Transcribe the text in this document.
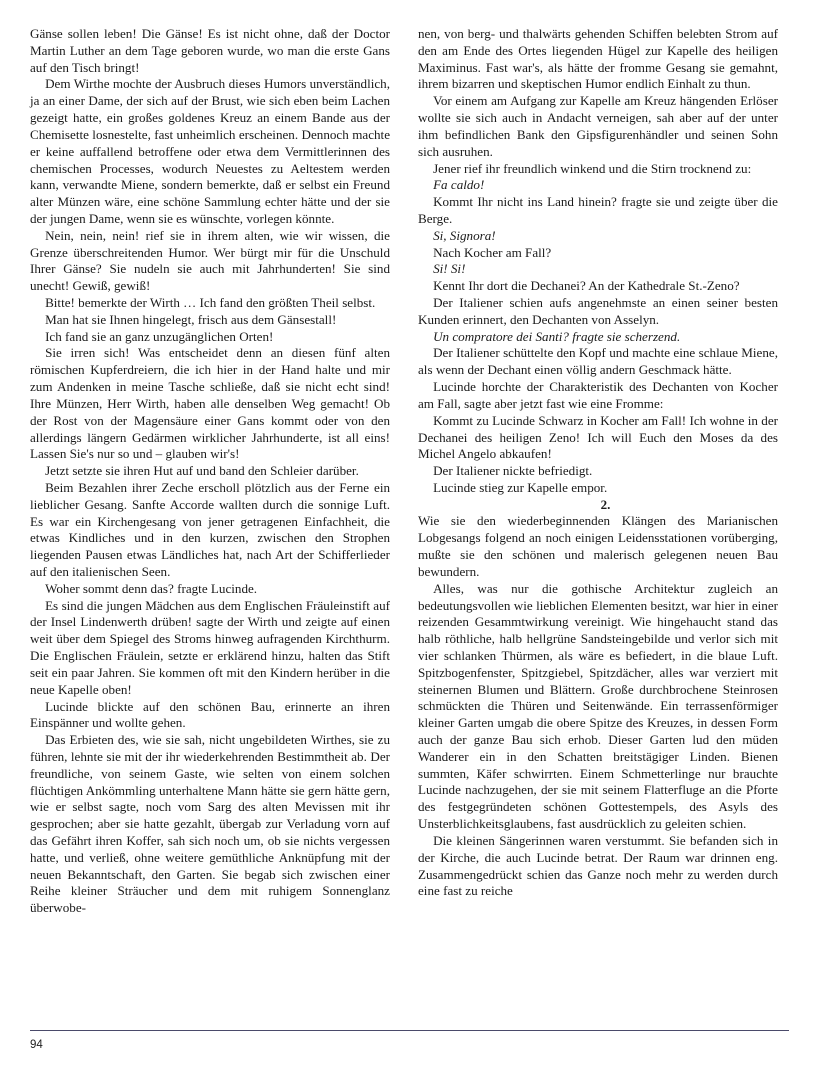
Gänse sollen leben! Die Gänse! Es ist nicht ohne, daß der Doctor Martin Luther an dem Tage geboren wurde, wo man die erste Gans auf den Tisch bringt!

Dem Wirthe mochte der Ausbruch dieses Humors unverständlich, ja an einer Dame, der sich auf der Brust, wie sich eben beim Lachen gezeigt hatte, ein großes goldenes Kreuz an einem Bande aus der Chemisette losnestelte, fast unheimlich erscheinen. Dennoch machte er keine auffallend betroffene oder etwa dem Vermittlerinnen des chemischen Processes, wodurch Neuestes zu Aeltestem werden kann, verwandte Miene, sondern bemerkte, daß er selbst ein Freund alter Münzen wäre, eine schöne Sammlung echter hätte und der sie der jungen Dame, wenn sie es wünschte, vorlegen könnte.

Nein, nein, nein! rief sie in ihrem alten, wie wir wissen, die Grenze überschreitenden Humor. Wer bürgt mir für die Unschuld Ihrer Gänse? Sie nudeln sie auch mit Jahrhunderten! Sie sind unecht! Gewiß, gewiß!

Bitte! bemerkte der Wirth … Ich fand den größten Theil selbst.

Man hat sie Ihnen hingelegt, frisch aus dem Gänsestall!

Ich fand sie an ganz unzugänglichen Orten!

Sie irren sich! Was entscheidet denn an diesen fünf alten römischen Kupferdreiern, die ich hier in der Hand halte und mir zum Andenken in meine Tasche schließe, daß sie nicht echt sind! Ihre Münzen, Herr Wirth, haben alle denselben Weg gemacht! Ob der Rost von der Magensäure einer Gans kommt oder von den allerdings längern Gedärmen wirklicher Jahrhunderte, ist all eins! Lassen Sie's nur so und – glauben wir's!

Jetzt setzte sie ihren Hut auf und band den Schleier darüber.

Beim Bezahlen ihrer Zeche erscholl plötzlich aus der Ferne ein lieblicher Gesang. Sanfte Accorde wallten durch die sonnige Luft. Es war ein Kirchengesang von jener getragenen Einfachheit, die etwas Kindliches und in den kurzen, zwischen den Strophen liegenden Pausen etwas Ländliches hat, nach Art der Schifferlieder auf den italienischen Seen.

Woher sommt denn das? fragte Lucinde.

Es sind die jungen Mädchen aus dem Englischen Fräuleinstift auf der Insel Lindenwerth drüben! sagte der Wirth und zeigte auf einen weit über dem Spiegel des Stroms hinweg aufragenden Kirchthurm. Die Englischen Fräulein, setzte er erklärend hinzu, halten das Stift seit ein paar Jahren. Sie kommen oft mit den Kindern herüber in die neue Kapelle oben!

Lucinde blickte auf den schönen Bau, erinnerte an ihren Einspänner und wollte gehen.

Das Erbieten des, wie sie sah, nicht ungebildeten Wirthes, sie zu führen, lehnte sie mit der ihr wiederkehrenden Bestimmtheit ab. Der freundliche, von seinem Gaste, wie selten von einem solchen flüchtigen Ankömmling unterhaltene Mann hätte sie gern hätte gern, wie er selbst sagte, noch vom Sarg des alten Mevissen mit ihr gesprochen; aber sie hatte gezahlt, übergab zur Verladung vorn auf das Gefährt ihren Koffer, sah sich noch um, ob sie nichts vergessen hatte, und verließ, ohne weitere gemüthliche Anknüpfung mit der neuen Bekanntschaft, den Garten. Sie begab sich zwischen einer Reihe kleiner Sträucher und dem mit ruhigem Sonnenglanz überwobe-

nen, von berg- und thalwärts gehenden Schiffen belebten Strom auf den am Ende des Ortes liegenden Hügel zur Kapelle des heiligen Maximinus. Fast war's, als hätte der fromme Gesang sie gemahnt, ihrem bizarren und skeptischen Humor endlich Einhalt zu thun.

Vor einem am Aufgang zur Kapelle am Kreuz hängenden Erlöser wollte sie sich auch in Andacht verneigen, sah aber auf der unter ihm befindlichen Bank den Gipsfigurenhändler und seinen Sohn sich ausruhen.

Jener rief ihr freundlich winkend und die Stirn trocknend zu:

Fa caldo!

Kommt Ihr nicht ins Land hinein? fragte sie und zeigte über die Berge.

Si, Signora!

Nach Kocher am Fall?

Si! Si!

Kennt Ihr dort die Dechanei? An der Kathedrale St.-Zeno?

Der Italiener schien aufs angenehmste an einen seiner besten Kunden erinnert, den Dechanten von Asselyn.

Un compratore dei Santi? fragte sie scherzend.

Der Italiener schüttelte den Kopf und machte eine schlaue Miene, als wenn der Dechant einen völlig andern Geschmack hätte.

Lucinde horchte der Charakteristik des Dechanten von Kocher am Fall, sagte aber jetzt fast wie eine Fromme:

Kommt zu Lucinde Schwarz in Kocher am Fall! Ich wohne in der Dechanei des heiligen Zeno! Ich will Euch den Moses da des Michel Angelo abkaufen!

Der Italiener nickte befriedigt.

Lucinde stieg zur Kapelle empor.

2.

Wie sie den wiederbeginnenden Klängen des Marianischen Lobgesangs folgend an noch einigen Leidensstationen vorüberging, mußte sie den schönen und malerisch gelegenen neuen Bau bewundern.

Alles, was nur die gothische Architektur zugleich an bedeutungsvollen wie lieblichen Elementen besitzt, war hier in einer reizenden Gesammtwirkung vereinigt. Wie hingehaucht stand das halb röthliche, halb hellgrüne Sandsteingebilde und verlor sich mit vier schlanken Thürmen, als wäre es befiedert, in die blaue Luft. Spitzbogenfenster, Spitzgiebel, Spitzdächer, alles war verziert mit steinernen Blumen und Blättern. Große durchbrochene Steinrosen schmückten die Thüren und Seitenwände. Ein terrassenförmiger kleiner Garten umgab die obere Spitze des Kreuzes, in dessen Form auch der ganze Bau sich erhob. Dieser Garten lud den müden Wanderer ein in den Schatten breitstägiger Linden. Bienen summten, Käfer schwirrten. Einem Schmetterlinge nur brauchte Lucinde nachzugehen, der sie mit seinem Flatterfluge an die Pforte des festgegründeten schönen Gottestempels, des Asyls des Unsterblichkeitsglaubens, fast ausdrücklich zu geleiten schien.

Die kleinen Sängerinnen waren verstummt. Sie befanden sich in der Kirche, die auch Lucinde betrat. Der Raum war drinnen eng. Zusammengedrückt schien das Ganze noch mehr zu werden durch eine fast zu reiche

94
